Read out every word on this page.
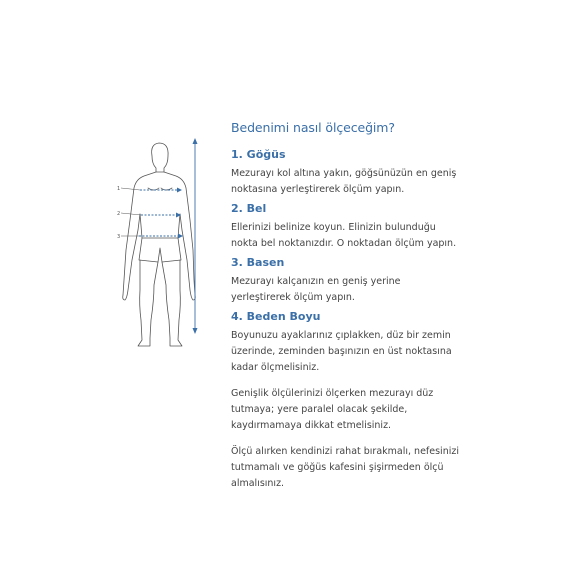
1
2
3
Bedenimi nasıl ölçeceğim?
1. Göğüs

Mezurayı kol altına yakın, göğsünüzün en geniş noktasına yerleştirerek ölçüm yapın.

2. Bel

Ellerinizi belinize koyun. Elinizin bulunduğu nokta bel noktanızdır. O noktadan ölçüm yapın.

3. Basen

Mezurayı kalçanızın en geniş yerine yerleştirerek ölçüm yapın.

4. Beden Boyu

Boyunuzu ayaklarınız çıplakken, düz bir zemin üzerinde, zeminden başınızın en üst noktasına kadar ölçmelisiniz.

Genişlik ölçülerinizi ölçerken mezurayı düz tutmaya; yere paralel olacak şekilde, kaydırmamaya dikkat etmelisiniz.

Ölçü alırken kendinizi rahat bırakmalı, nefesinizi tutmamalı ve göğüs kafesini şişirmeden ölçü almalısınız.
